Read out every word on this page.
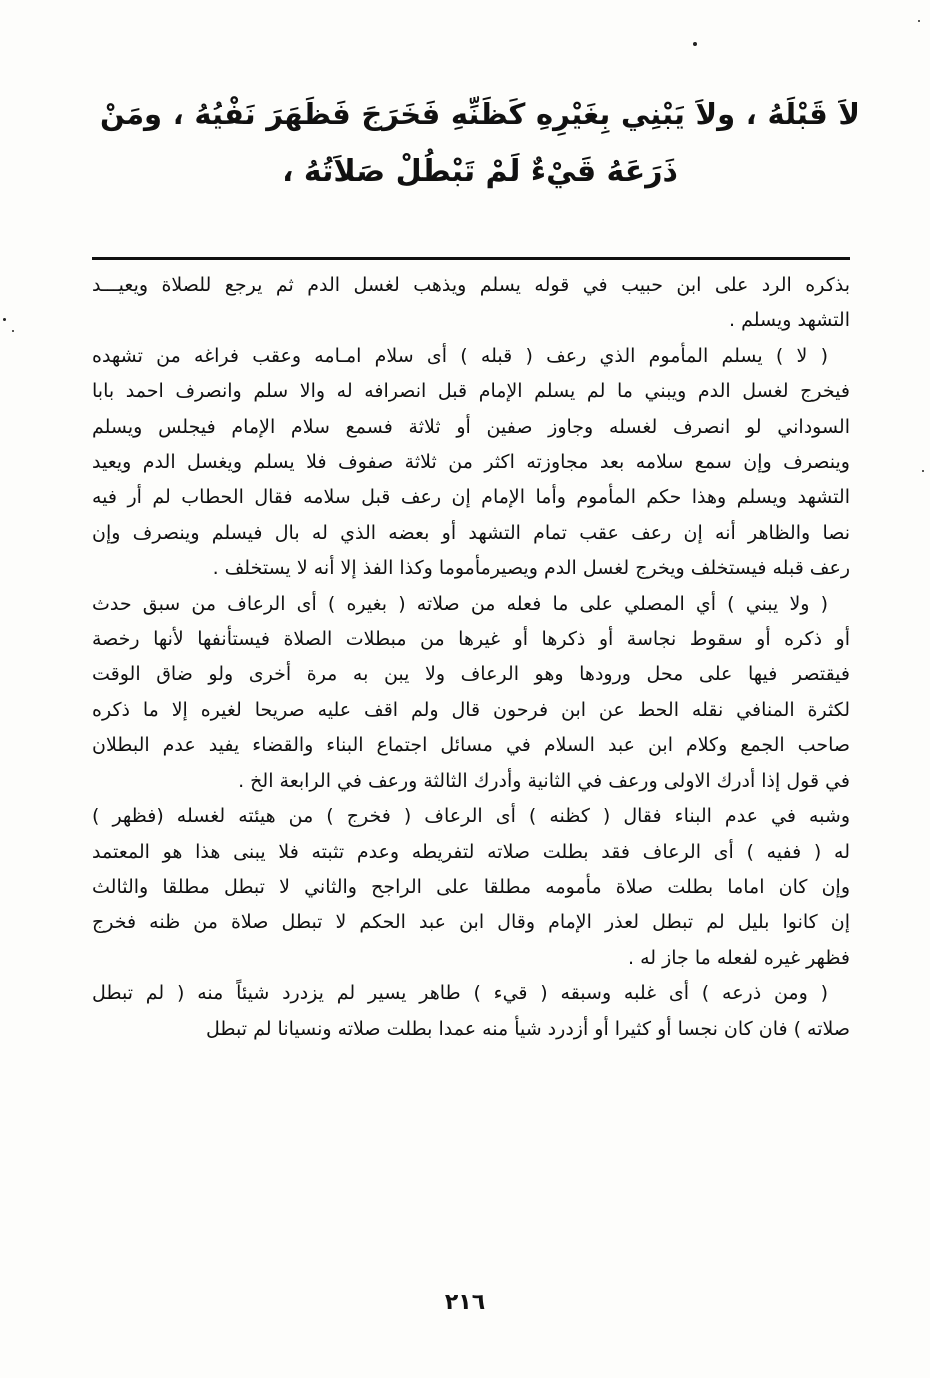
لاَ قَبْلَهُ ، ولاَ يَبْنِي بِغَيْرِهِ كَظَنِّهِ فَخَرَجَ فَظَهَرَ نَفْيُهُ ، ومَنْ
ذَرَعَهُ قَيْءٌ لَمْ تَبْطُلْ صَلاَتُهُ ،
بذكره الرد على ابن حبيب في قوله يسلم ويذهب لغسل الدم ثم يرجع للصلاة ويعيـــد
التشهد ويسلم .
( لا ) يسلم المأموم الذي رعف ( قبله ) أى سلام امـامه وعقب فراغه من تشهده
فيخرج لغسل الدم ويبني ما لم يسلم الإمام قبل انصرافه له والا سلم وانصرف احمد بابا
السوداني لو انصرف لغسله وجاوز صفين أو ثلاثة فسمع سلام الإمام فيجلس ويسلم
وينصرف وإن سمع سلامه بعد مجاوزته اكثر من ثلاثة صفوف فلا يسلم ويغسل الدم ويعيد
التشهد ويسلم وهذا حكم المأموم وأما الإمام إن رعف قبل سلامه فقال الحطاب لم أر فيه
نصا والظاهر أنه إن رعف عقب تمام التشهد أو بعضه الذي له بال فيسلم وينصرف وإن
رعف قبله فيستخلف ويخرج لغسل الدم ويصيرمأموما وكذا الفذ إلا أنه لا يستخلف .
( ولا يبني ) أي المصلي على ما فعله من صلاته ( بغيره ) أى الرعاف من سبق حدث
أو ذكره أو سقوط نجاسة أو ذكرها أو غيرها من مبطلات الصلاة فيستأنفها لأنها رخصة
فيقتصر فيها على محل ورودها وهو الرعاف ولا يبن به مرة أخرى ولو ضاق الوقت
لكثرة المنافي نقله الحط عن ابن فرحون قال ولم اقف عليه صريحا لغيره إلا ما ذكره
صاحب الجمع وكلام ابن عبد السلام في مسائل اجتماع البناء والقضاء يفيد عدم البطلان
في قول إذا أدرك الاولى ورعف في الثانية وأدرك الثالثة ورعف في الرابعة الخ .
وشبه في عدم البناء فقال ( كظنه ) أى الرعاف ( فخرج ) من هيئته لغسله (فظهر )
له ( ففيه ) أى الرعاف فقد بطلت صلاته لتفريطه وعدم تثبته فلا يبنى هذا هو المعتمد
وإن كان اماما بطلت صلاة مأمومه مطلقا على الراجح والثاني لا تبطل مطلقا والثالث
إن كانوا بليل لم تبطل لعذر الإمام وقال ابن عبد الحكم لا تبطل صلاة من ظنه فخرج
فظهر غيره لفعله ما جاز له .
( ومن ذرعه ) أى غلبه وسبقه ( قيء ) طاهر يسير لم يزدرد شيئاً منه ( لم تبطل
صلاته ) فان كان نجسا أو كثيرا أو أزدرد شيأ منه عمدا بطلت صلاته ونسيانا لم تبطل
٢١٦
